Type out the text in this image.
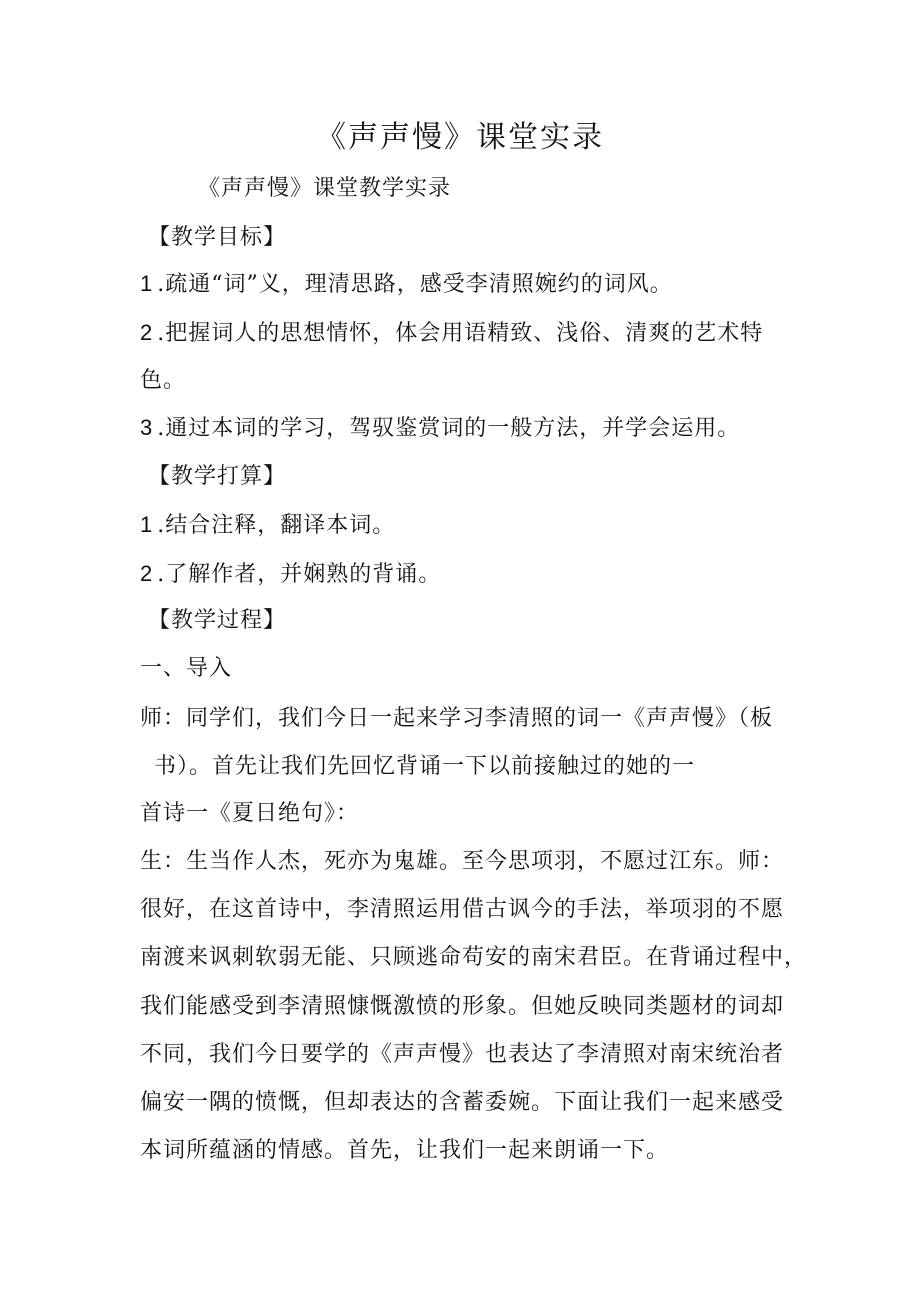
《声声慢》课堂实录
《声声慢》课堂教学实录
【教学目标】
1 .疏通“词”义，理清思路，感受李清照婉约的词风。
2 .把握词人的思想情怀，体会用语精致、浅俗、清爽的艺术特
色。
3 .通过本词的学习，驾驭鉴赏词的一般方法，并学会运用。
【教学打算】
1 .结合注释，翻译本词。
2 .了解作者，并娴熟的背诵。
【教学过程】
一、导入
师：同学们，我们今日一起来学习李清照的词一《声声慢》（板
书）。首先让我们先回忆背诵一下以前接触过的她的一
首诗一《夏日绝句》：
生：生当作人杰，死亦为鬼雄。至今思项羽，不愿过江东。师：
很好，在这首诗中，李清照运用借古讽今的手法，举项羽的不愿
南渡来讽刺软弱无能、只顾逃命苟安的南宋君臣。在背诵过程中，
我们能感受到李清照慷慨激愤的形象。但她反映同类题材的词却
不同，我们今日要学的《声声慢》也表达了李清照对南宋统治者
偏安一隅的愤慨，但却表达的含蓄委婉。下面让我们一起来感受
本词所蕴涵的情感。首先，让我们一起来朗诵一下。
